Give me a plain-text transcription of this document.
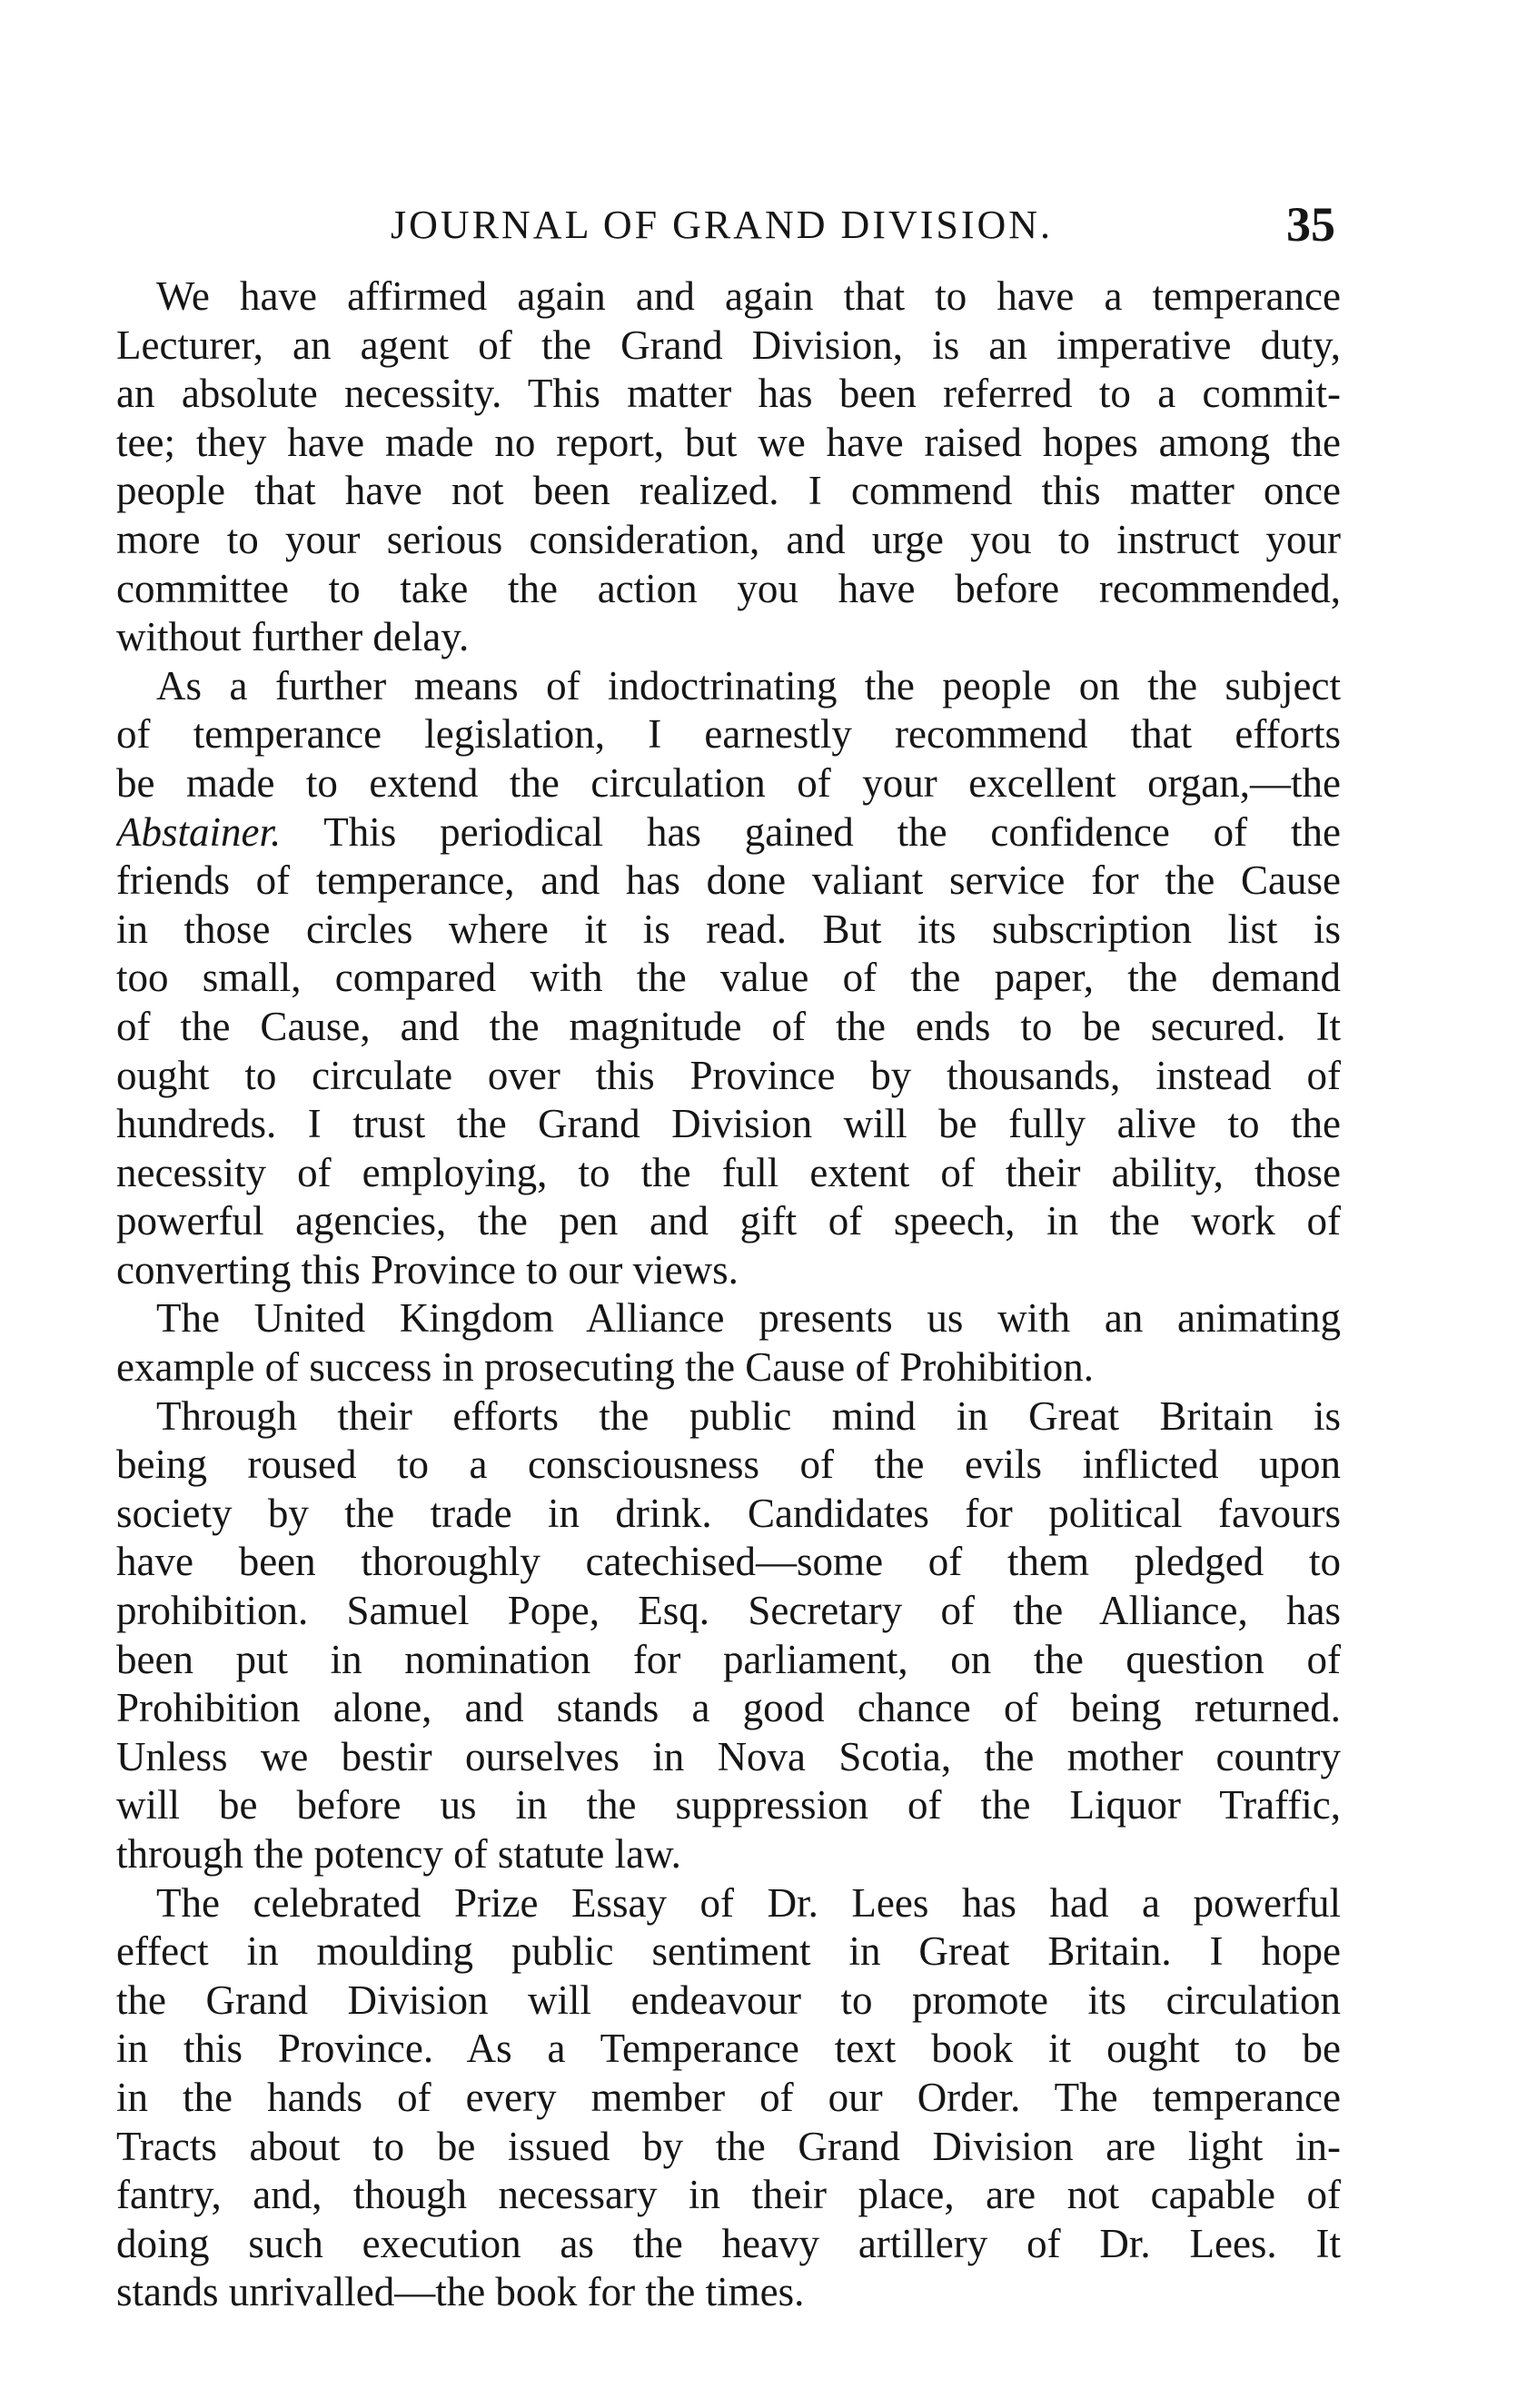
JOURNAL OF GRAND DIVISION.	35

We have affirmed again and again that to have a temperance
Lecturer, an agent of the Grand Division, is an imperative duty,
an absolute necessity. This matter has been referred to a commit-
tee; they have made no report, but we have raised hopes among the
people that have not been realized. I commend this matter once
more to your serious consideration, and urge you to instruct your
committee to take the action you have before recommended,
without further delay.

As a further means of indoctrinating the people on the subject
of temperance legislation, I earnestly recommend that efforts
be made to extend the circulation of your excellent organ,—the
Abstainer. This periodical has gained the confidence of the
friends of temperance, and has done valiant service for the Cause
in those circles where it is read. But its subscription list is
too small, compared with the value of the paper, the demand
of the Cause, and the magnitude of the ends to be secured. It
ought to circulate over this Province by thousands, instead of
hundreds. I trust the Grand Division will be fully alive to the
necessity of employing, to the full extent of their ability, those
powerful agencies, the pen and gift of speech, in the work of
converting this Province to our views.

The United Kingdom Alliance presents us with an animating
example of success in prosecuting the Cause of Prohibition.

Through their efforts the public mind in Great Britain is
being roused to a consciousness of the evils inflicted upon
society by the trade in drink. Candidates for political favours
have been thoroughly catechised—some of them pledged to
prohibition. Samuel Pope, Esq. Secretary of the Alliance, has
been put in nomination for parliament, on the question of
Prohibition alone, and stands a good chance of being returned.
Unless we bestir ourselves in Nova Scotia, the mother country
will be before us in the suppression of the Liquor Traffic,
through the potency of statute law.

The celebrated Prize Essay of Dr. Lees has had a powerful
effect in moulding public sentiment in Great Britain. I hope
the Grand Division will endeavour to promote its circulation
in this Province. As a Temperance text book it ought to be
in the hands of every member of our Order. The temperance
Tracts about to be issued by the Grand Division are light in-
fantry, and, though necessary in their place, are not capable of
doing such execution as the heavy artillery of Dr. Lees. It
stands unrivalled—the book for the times.
